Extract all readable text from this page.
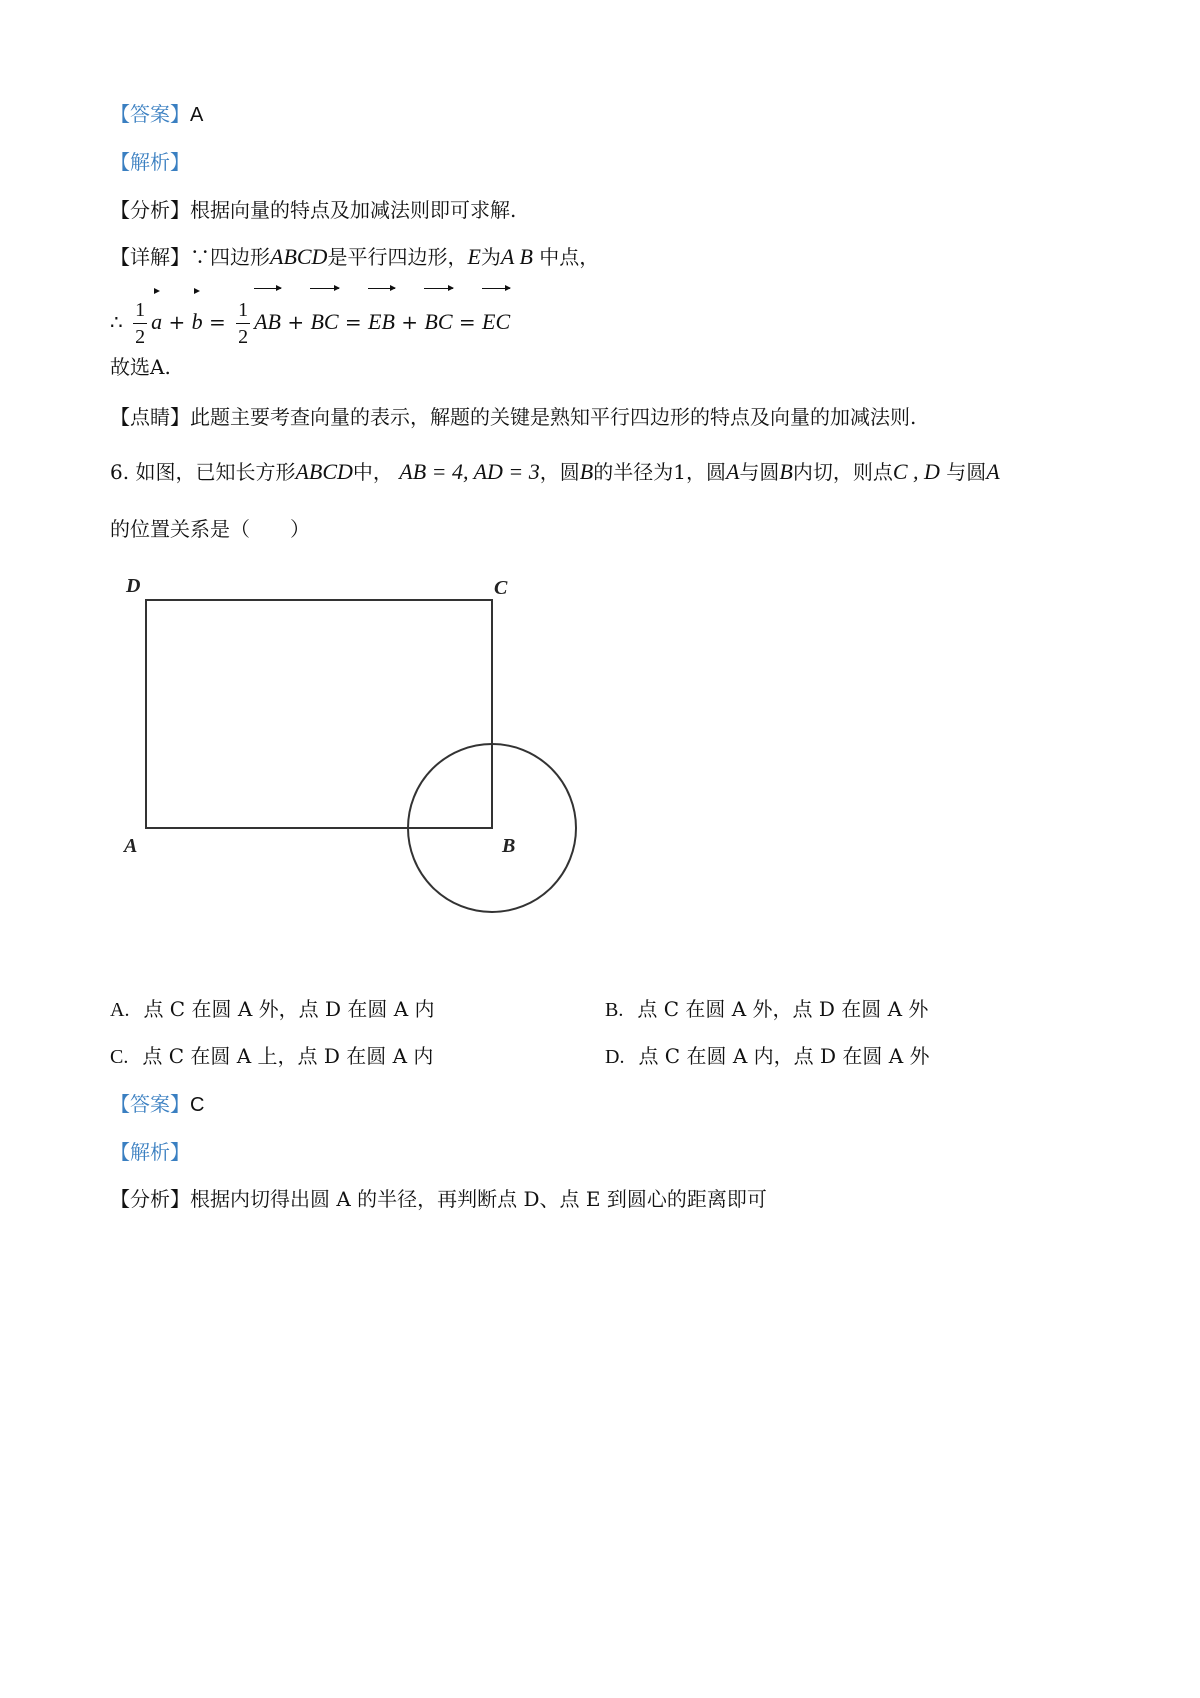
【答案】A
【解析】
【分析】根据向量的特点及加减法则即可求解.
【详解】∵四边形ABCD是平行四边形，E为A B 中点，
∴ $\frac{1}{2}$ $a + b = \frac{1}{2}$ AB + BC = EB + BC = EC
故选A.
【点睛】此题主要考查向量的表示，解题的关键是熟知平行四边形的特点及向量的加减法则.
6. 如图，已知长方形ABCD中， AB = 4, AD = 3，圆B的半径为1，圆A与圆B内切，则点C , D 与圆A
的位置关系是（　　）
D	C
A	B
A. 点 C 在圆 A 外，点 D 在圆 A 内	B. 点 C 在圆 A 外，点 D 在圆 A 外
C. 点 C 在圆 A 上，点 D 在圆 A 内	D. 点 C 在圆 A 内，点 D 在圆 A 外
【答案】C
【解析】
【分析】根据内切得出圆 A 的半径，再判断点 D、点 E 到圆心的距离即可
